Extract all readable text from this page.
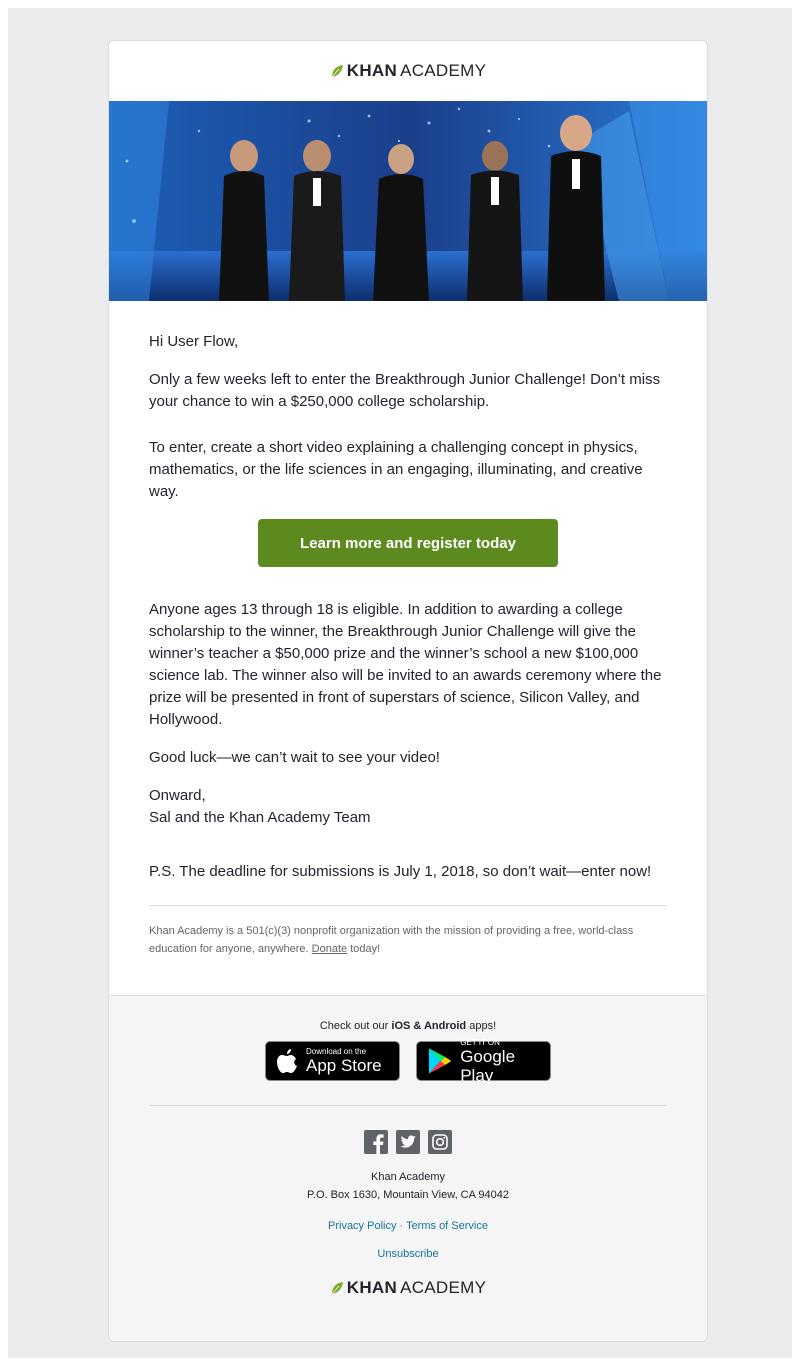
KHAN ACADEMY

Hi User Flow,

Only a few weeks left to enter the Breakthrough Junior Challenge! Don’t miss your chance to win a $250,000 college scholarship.

To enter, create a short video explaining a challenging concept in physics, mathematics, or the life sciences in an engaging, illuminating, and creative way.

Learn more and register today

Anyone ages 13 through 18 is eligible. In addition to awarding a college scholarship to the winner, the Breakthrough Junior Challenge will give the winner’s teacher a $50,000 prize and the winner’s school a new $100,000 science lab. The winner also will be invited to an awards ceremony where the prize will be presented in front of superstars of science, Silicon Valley, and Hollywood.

Good luck—we can’t wait to see your video!

Onward,
Sal and the Khan Academy Team

P.S. The deadline for submissions is July 1, 2018, so don’t wait—enter now!

Khan Academy is a 501(c)(3) nonprofit organization with the mission of providing a free, world-class education for anyone, anywhere. Donate today!
Check out our iOS & Android apps!
Download on the
App Store
GET IT ON
Google Play
Khan Academy
P.O. Box 1630, Mountain View, CA 94042
Privacy Policy · Terms of Service
Unsubscribe
KHAN ACADEMY
